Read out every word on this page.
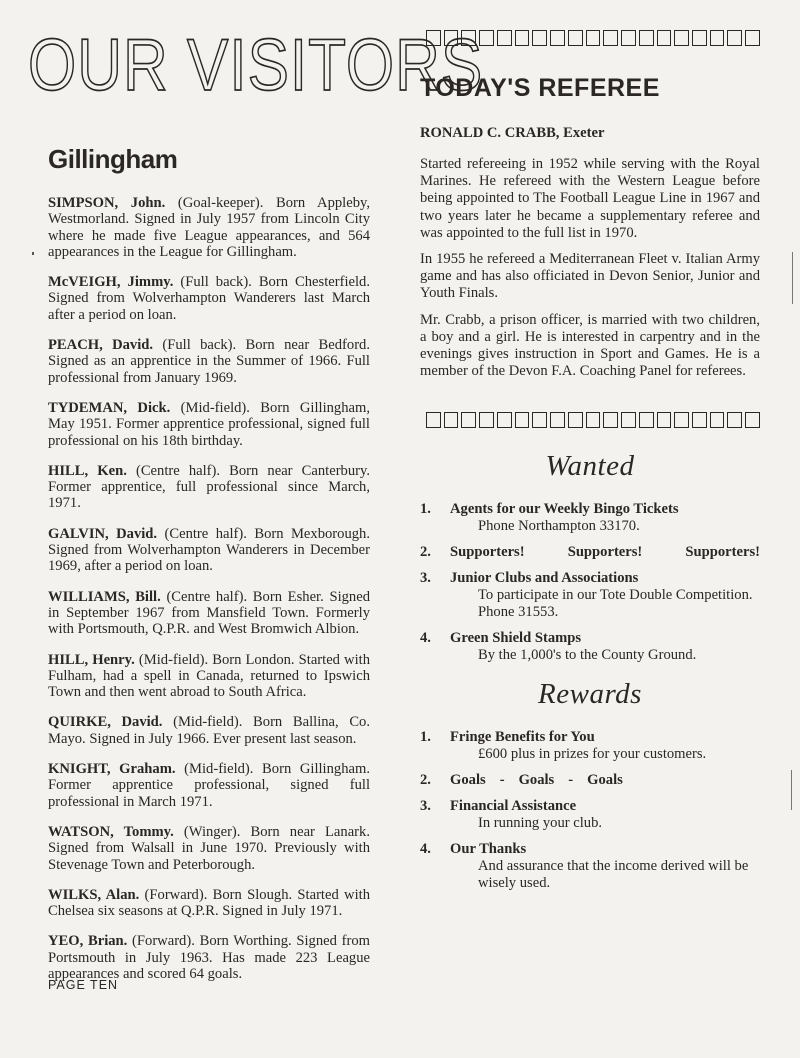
OUR VISITORS
Gillingham
SIMPSON, John. (Goal-keeper). Born Appleby, Westmorland. Signed in July 1957 from Lincoln City where he made five League appearances, and 564 appearances in the League for Gillingham.
McVEIGH, Jimmy. (Full back). Born Chesterfield. Signed from Wolverhampton Wanderers last March after a period on loan.
PEACH, David. (Full back). Born near Bedford. Signed as an apprentice in the Summer of 1966. Full professional from January 1969.
TYDEMAN, Dick. (Mid-field). Born Gillingham, May 1951. Former apprentice professional, signed full professional on his 18th birthday.
HILL, Ken. (Centre half). Born near Canterbury. Former apprentice, full professional since March, 1971.
GALVIN, David. (Centre half). Born Mexborough. Signed from Wolverhampton Wanderers in December 1969, after a period on loan.
WILLIAMS, Bill. (Centre half). Born Esher. Signed in September 1967 from Mansfield Town. Formerly with Portsmouth, Q.P.R. and West Bromwich Albion.
HILL, Henry. (Mid-field). Born London. Started with Fulham, had a spell in Canada, returned to Ipswich Town and then went abroad to South Africa.
QUIRKE, David. (Mid-field). Born Ballina, Co. Mayo. Signed in July 1966. Ever present last season.
KNIGHT, Graham. (Mid-field). Born Gillingham. Former apprentice professional, signed full professional in March 1971.
WATSON, Tommy. (Winger). Born near Lanark. Signed from Walsall in June 1970. Previously with Stevenage Town and Peterborough.
WILKS, Alan. (Forward). Born Slough. Started with Chelsea six seasons at Q.P.R. Signed in July 1971.
YEO, Brian. (Forward). Born Worthing. Signed from Portsmouth in July 1963. Has made 223 League appearances and scored 64 goals.
PAGE TEN
TODAY'S REFEREE
RONALD C. CRABB, Exeter

Started refereeing in 1952 while serving with the Royal Marines. He refereed with the Western League before being appointed to The Football League Line in 1967 and two years later he became a supplementary referee and was appointed to the full list in 1970.

In 1955 he refereed a Mediterranean Fleet v. Italian Army game and has also officiated in Devon Senior, Junior and Youth Finals.

Mr. Crabb, a prison officer, is married with two children, a boy and a girl. He is interested in carpentry and in the evenings gives instruction in Sport and Games. He is a member of the Devon F.A. Coaching Panel for referees.

Wanted
1.	Agents for our Weekly Bingo Tickets
Phone Northampton 33170.
2.	Supporters!	Supporters!	Supporters!
3.	Junior Clubs and Associations
To participate in our Tote Double Competition. Phone 31553.
4.	Green Shield Stamps
By the 1,000's to the County Ground.
Rewards
1.	Fringe Benefits for You
£600 plus in prizes for your customers.
2.	Goals - Goals - Goals
3.	Financial Assistance
In running your club.
4.	Our Thanks
And assurance that the income derived will be wisely used.
